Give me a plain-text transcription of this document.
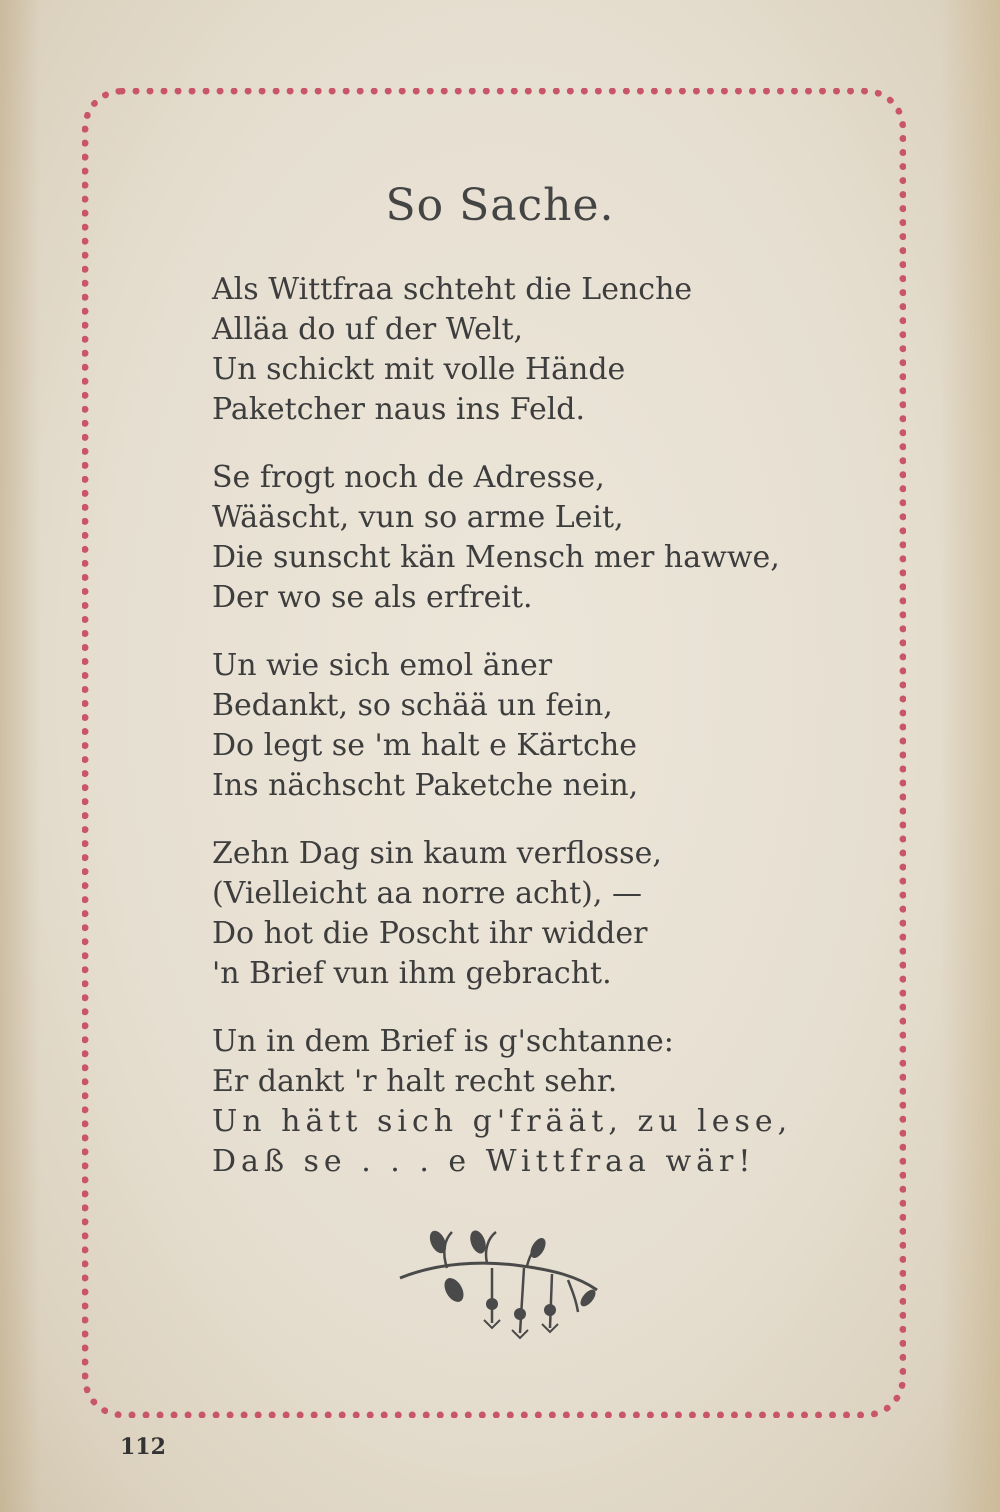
So Sache.
Als Wittfraa schteht die Lenche
Alläa do uf der Welt,
Un schickt mit volle Hände
Paketcher naus ins Feld.
Se frogt noch de Adresse,
Wääscht, vun so arme Leit,
Die sunscht kän Mensch mer hawwe,
Der wo se als erfreit.
Un wie sich emol äner
Bedankt, so schää un fein,
Do legt se 'm halt e Kärtche
Ins nächscht Paketche nein,
Zehn Dag sin kaum verflosse,
(Vielleicht aa norre acht), —
Do hot die Poscht ihr widder
'n Brief vun ihm gebracht.
Un in dem Brief is g'schtanne:
Er dankt 'r halt recht sehr.
Un hätt sich g'fräät, zu lese,
Daß se . . . e Wittfraa wär!
112
